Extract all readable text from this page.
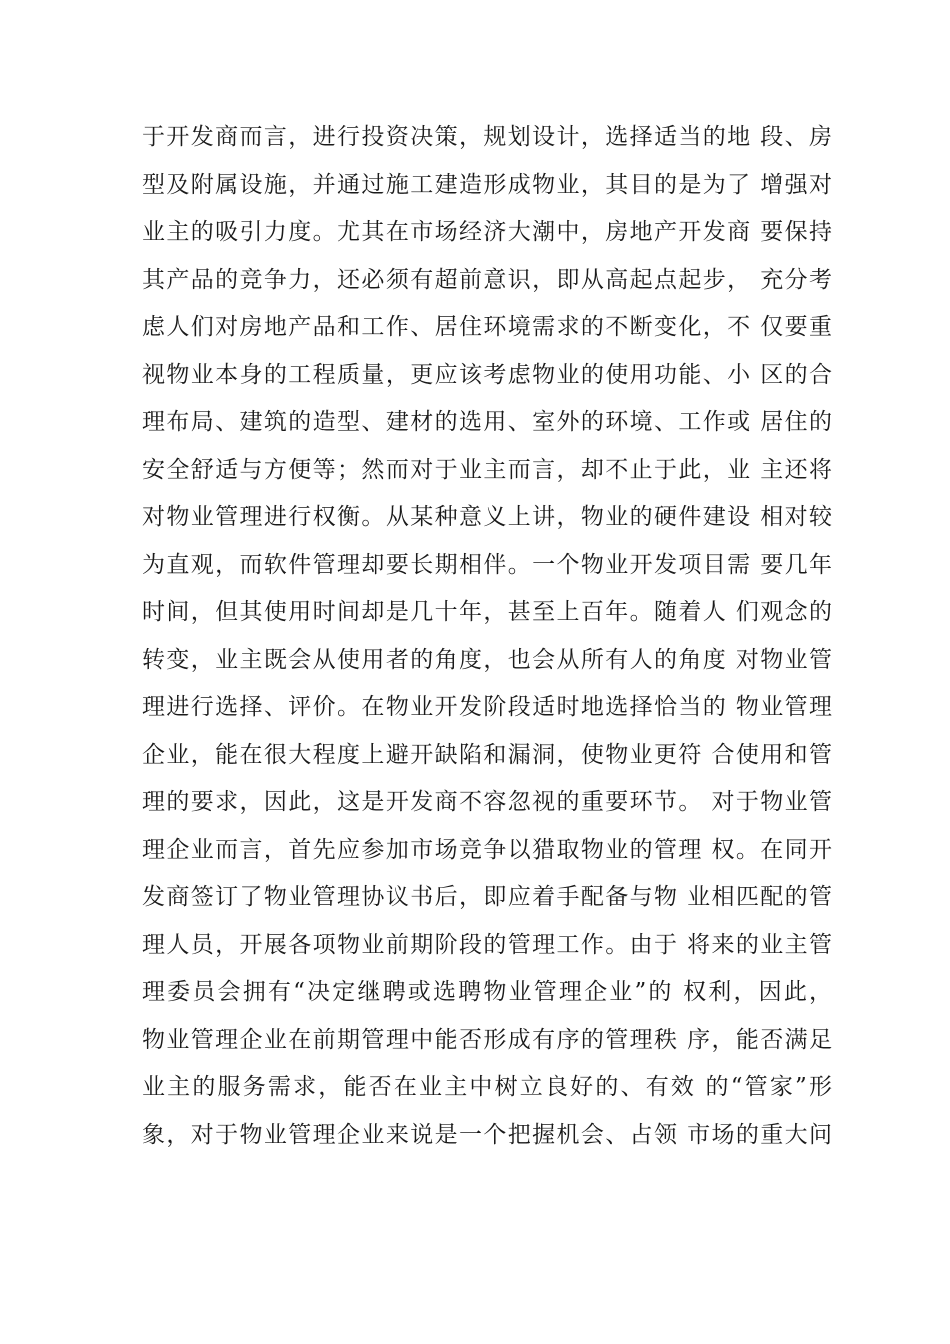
于开发商而言，进行投资决策，规划设计，选择适当的地 段、房
型及附属设施，并通过施工建造形成物业，其目的是为了 增强对
业主的吸引力度。尤其在市场经济大潮中，房地产开发商 要保持
其产品的竞争力，还必须有超前意识，即从高起点起步， 充分考
虑人们对房地产品和工作、居住环境需求的不断变化，不 仅要重
视物业本身的工程质量，更应该考虑物业的使用功能、小 区的合
理布局、建筑的造型、建材的选用、室外的环境、工作或 居住的
安全舒适与方便等；然而对于业主而言，却不止于此，业 主还将
对物业管理进行权衡。从某种意义上讲，物业的硬件建设 相对较
为直观，而软件管理却要长期相伴。一个物业开发项目需 要几年
时间，但其使用时间却是几十年，甚至上百年。随着人 们观念的
转变，业主既会从使用者的角度，也会从所有人的角度 对物业管
理进行选择、评价。在物业开发阶段适时地选择恰当的 物业管理
企业，能在很大程度上避开缺陷和漏洞，使物业更符 合使用和管
理的要求，因此，这是开发商不容忽视的重要环节。 对于物业管
理企业而言，首先应参加市场竞争以猎取物业的管理 权。在同开
发商签订了物业管理协议书后，即应着手配备与物 业相匹配的管
理人员，开展各项物业前期阶段的管理工作。由于 将来的业主管
理委员会拥有“决定继聘或选聘物业管理企业”的 权利，因此，
物业管理企业在前期管理中能否形成有序的管理秩 序，能否满足
业主的服务需求，能否在业主中树立良好的、有效 的“管家”形
象，对于物业管理企业来说是一个把握机会、占领 市场的重大问
